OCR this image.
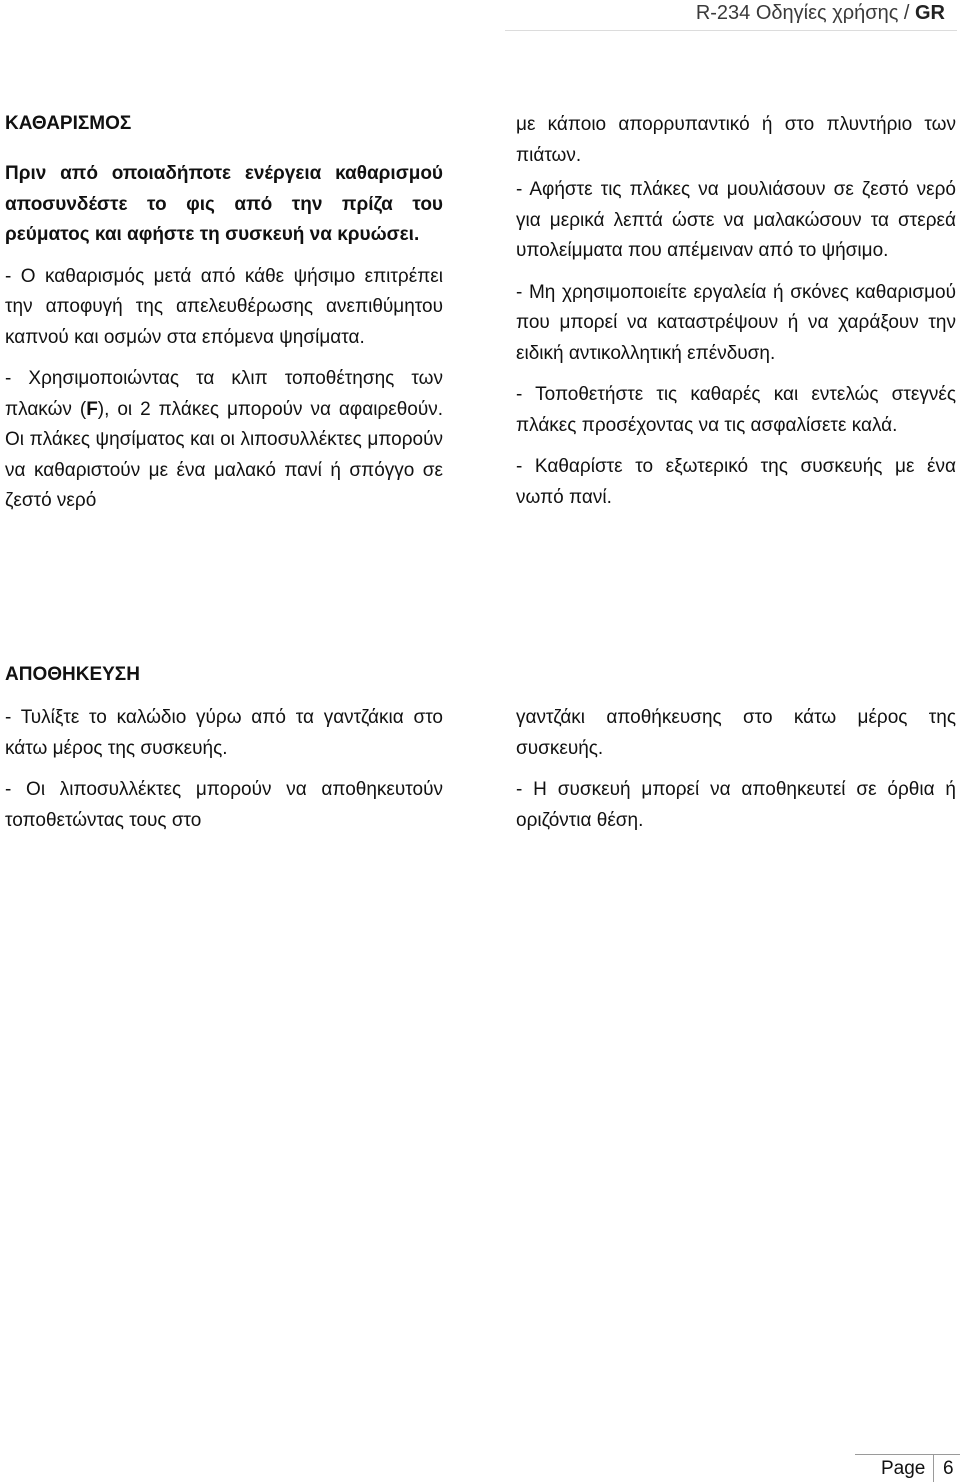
R-234 Οδηγίες χρήσης / GR
ΚΑΘΑΡΙΣΜΟΣ

Πριν από οποιαδήποτε ενέργεια καθαρισμού αποσυνδέστε το φις από την πρίζα του ρεύματος και αφήστε τη συσκευή να κρυώσει.

- Ο καθαρισμός μετά από κάθε ψήσιμο επιτρέπει την αποφυγή της απελευθέρωσης ανεπιθύμητου καπνού και οσμών στα επόμενα ψησίματα.

- Χρησιμοποιώντας τα κλιπ τοποθέτησης των πλακών (F), οι 2 πλάκες μπορούν να αφαιρεθούν. Οι πλάκες ψησίματος και οι λιποσυλλέκτες μπορούν να καθαριστούν με ένα μαλακό πανί ή σπόγγο σε ζεστό νερό

με κάποιο απορρυπαντικό ή στο πλυντήριο των πιάτων.

- Αφήστε τις πλάκες να μουλιάσουν σε ζεστό νερό για μερικά λεπτά ώστε να μαλακώσουν τα στερεά υπολείμματα που απέμειναν από το ψήσιμο.

- Μη χρησιμοποιείτε εργαλεία ή σκόνες καθαρισμού που μπορεί να καταστρέψουν ή να χαράξουν την ειδική αντικολλητική επένδυση.

- Τοποθετήστε τις καθαρές και εντελώς στεγνές πλάκες προσέχοντας να τις ασφαλίσετε καλά.

- Καθαρίστε το εξωτερικό της συσκευής με ένα νωπό πανί.

ΑΠΟΘΗΚΕΥΣΗ

- Τυλίξτε το καλώδιο γύρω από τα γαντζάκια στο κάτω μέρος της συσκευής.

- Οι λιποσυλλέκτες μπορούν να αποθηκευτούν τοποθετώντας τους στο

γαντζάκι αποθήκευσης στο κάτω μέρος της συσκευής.

- Η συσκευή μπορεί να αποθηκευτεί σε όρθια ή οριζόντια θέση.

Page 6
